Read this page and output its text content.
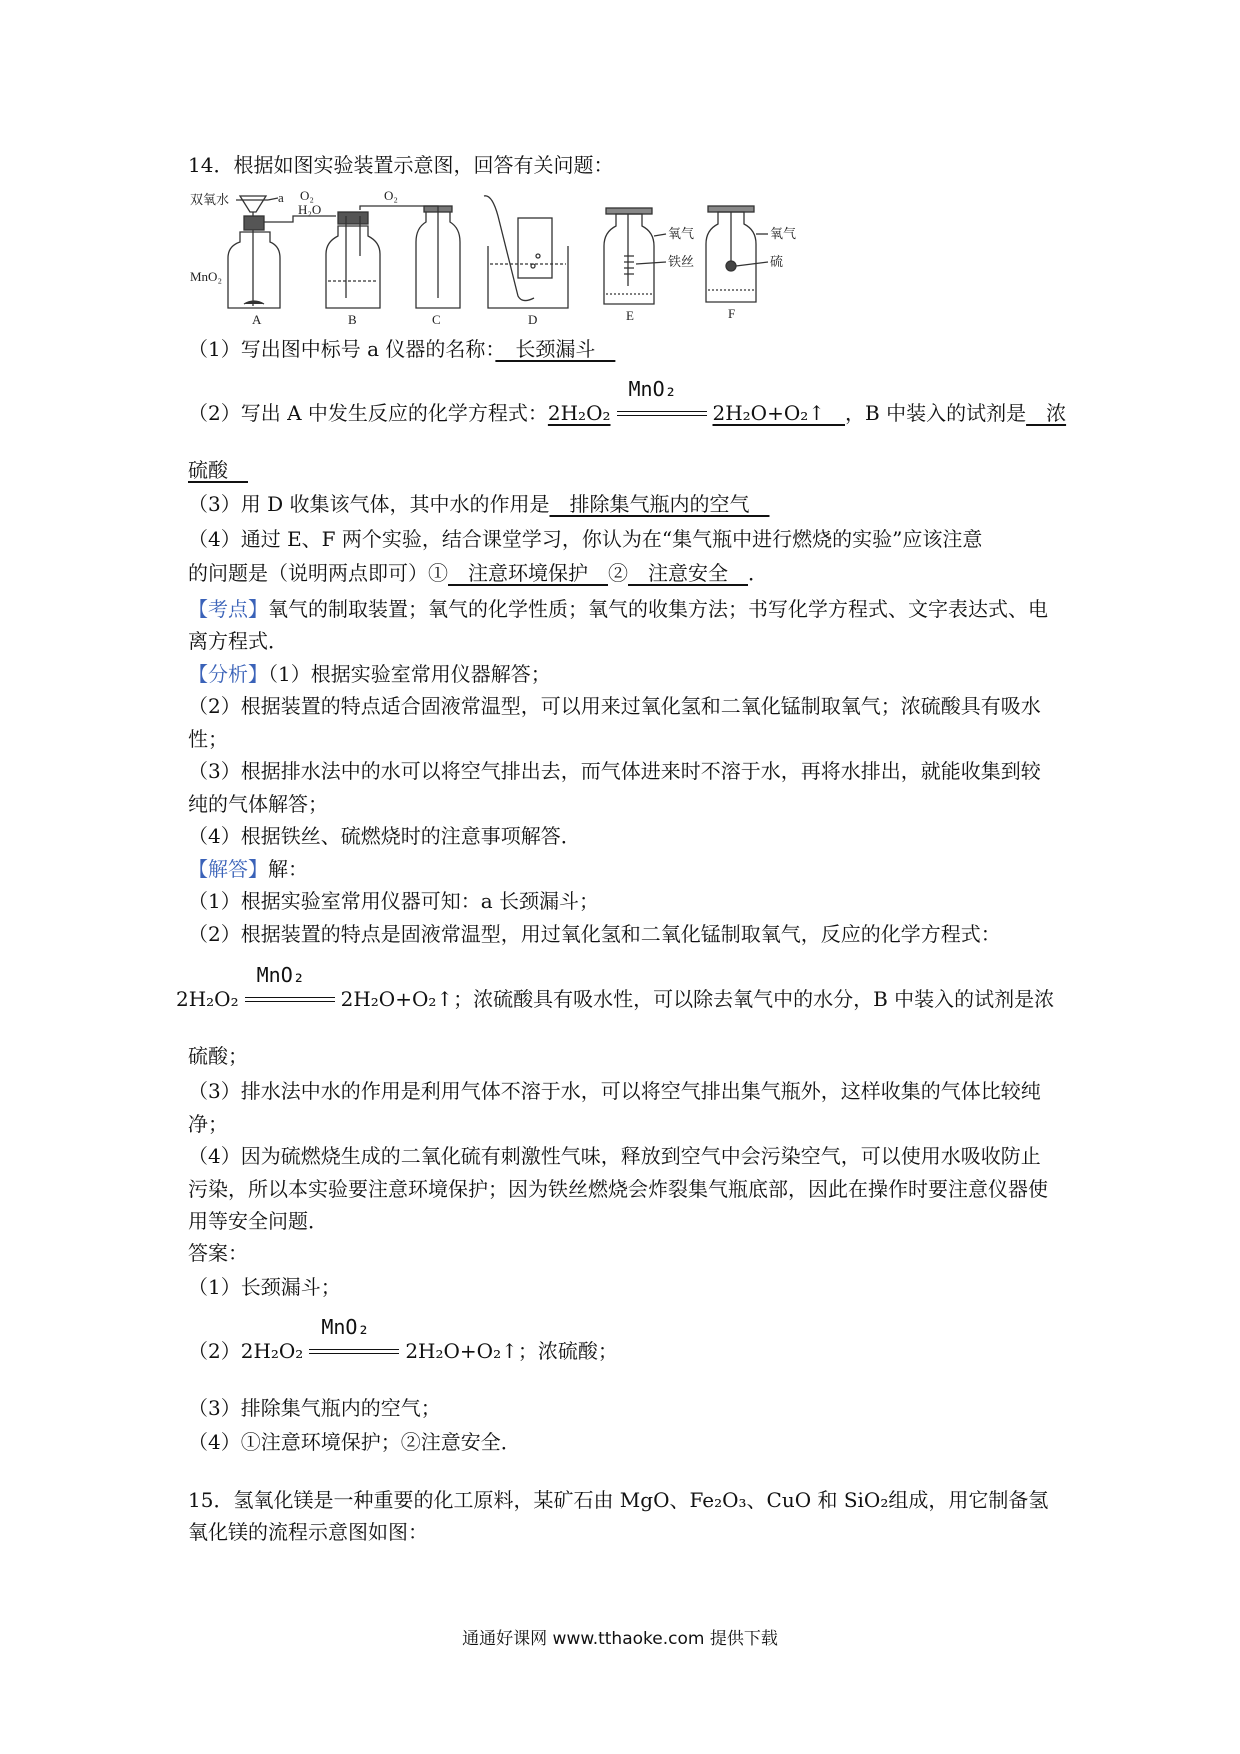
14．根据如图实验装置示意图，回答有关问题：
双氧水	a
MnO₂
A
O₂
H₂O
B
O₂
C	D
氧气
铁丝
E
氧气
硫
F
（1）写出图中标号 a 仪器的名称：　长颈漏斗　
（2）写出 A 中发生反应的化学方程式：2H₂O₂
MnO₂
2H₂O+O₂↑　，B 中装入的试剂是　浓
硫酸　
（3）用 D 收集该气体，其中水的作用是　排除集气瓶内的空气　
（4）通过 E、F 两个实验，结合课堂学习，你认为在“集气瓶中进行燃烧的实验”应该注意
的问题是（说明两点即可）①　注意环境保护　②　注意安全　．

【考点】氧气的制取装置；氧气的化学性质；氧气的收集方法；书写化学方程式、文字表达式、电离方程式．

【分析】（1）根据实验室常用仪器解答；

（2）根据装置的特点适合固液常温型，可以用来过氧化氢和二氧化锰制取氧气；浓硫酸具有吸水性；

（3）根据排水法中的水可以将空气排出去，而气体进来时不溶于水，再将水排出，就能收集到较纯的气体解答；

（4）根据铁丝、硫燃烧时的注意事项解答．

【解答】解：

（1）根据实验室常用仪器可知：a 长颈漏斗；

（2）根据装置的特点是固液常温型，用过氧化氢和二氧化锰制取氧气，反应的化学方程式：

2H₂O₂
MnO₂
2H₂O+O₂↑；浓硫酸具有吸水性，可以除去氧气中的水分，B 中装入的试剂是浓
硫酸；

（3）排水法中水的作用是利用气体不溶于水，可以将空气排出集气瓶外，这样收集的气体比较纯净；

（4）因为硫燃烧生成的二氧化硫有刺激性气味，释放到空气中会污染空气，可以使用水吸收防止污染，所以本实验要注意环境保护；因为铁丝燃烧会炸裂集气瓶底部，因此在操作时要注意仪器使用等安全问题．

答案：
（1）长颈漏斗；
（2）2H₂O₂
MnO₂
2H₂O+O₂↑；浓硫酸；
（3）排除集气瓶内的空气；
（4）①注意环境保护；②注意安全．

15．氢氧化镁是一种重要的化工原料，某矿石由 MgO、Fe₂O₃、CuO 和 SiO₂组成，用它制备氢氧化镁的流程示意图如图：

通通好课网 www.tthaoke.com 提供下载
